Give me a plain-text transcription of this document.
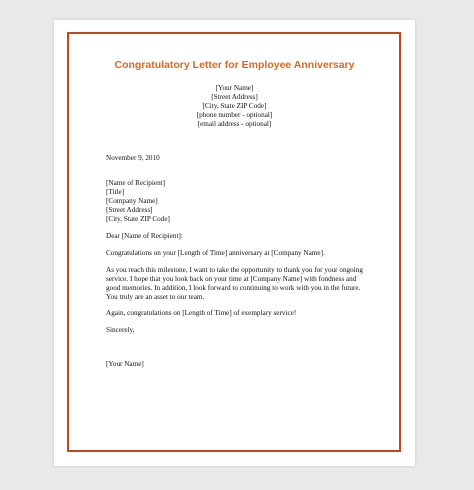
Congratulatory Letter for Employee Anniversary
[Your Name]
[Street Address]
[City, State ZIP Code]
[phone number - optional]
[email address - optional]
November 9, 2010
[Name of Recipient]
[Title]
[Company Name]
[Street Address]
[City, State ZIP Code]
Dear [Name of Recipient]:
Congratulations on your [Length of Time] anniversary at [Company Name].

As you reach this milestone, I want to take the opportunity to thank you for your ongoing service. I hope that you look back on your time at [Company Name] with fondness and good memories. In addition, I look forward to continuing to work with you in the future. You truly are an asset to our team.

Again, congratulations on [Length of Time] of exemplary service!
Sincerely,
[Your Name]
